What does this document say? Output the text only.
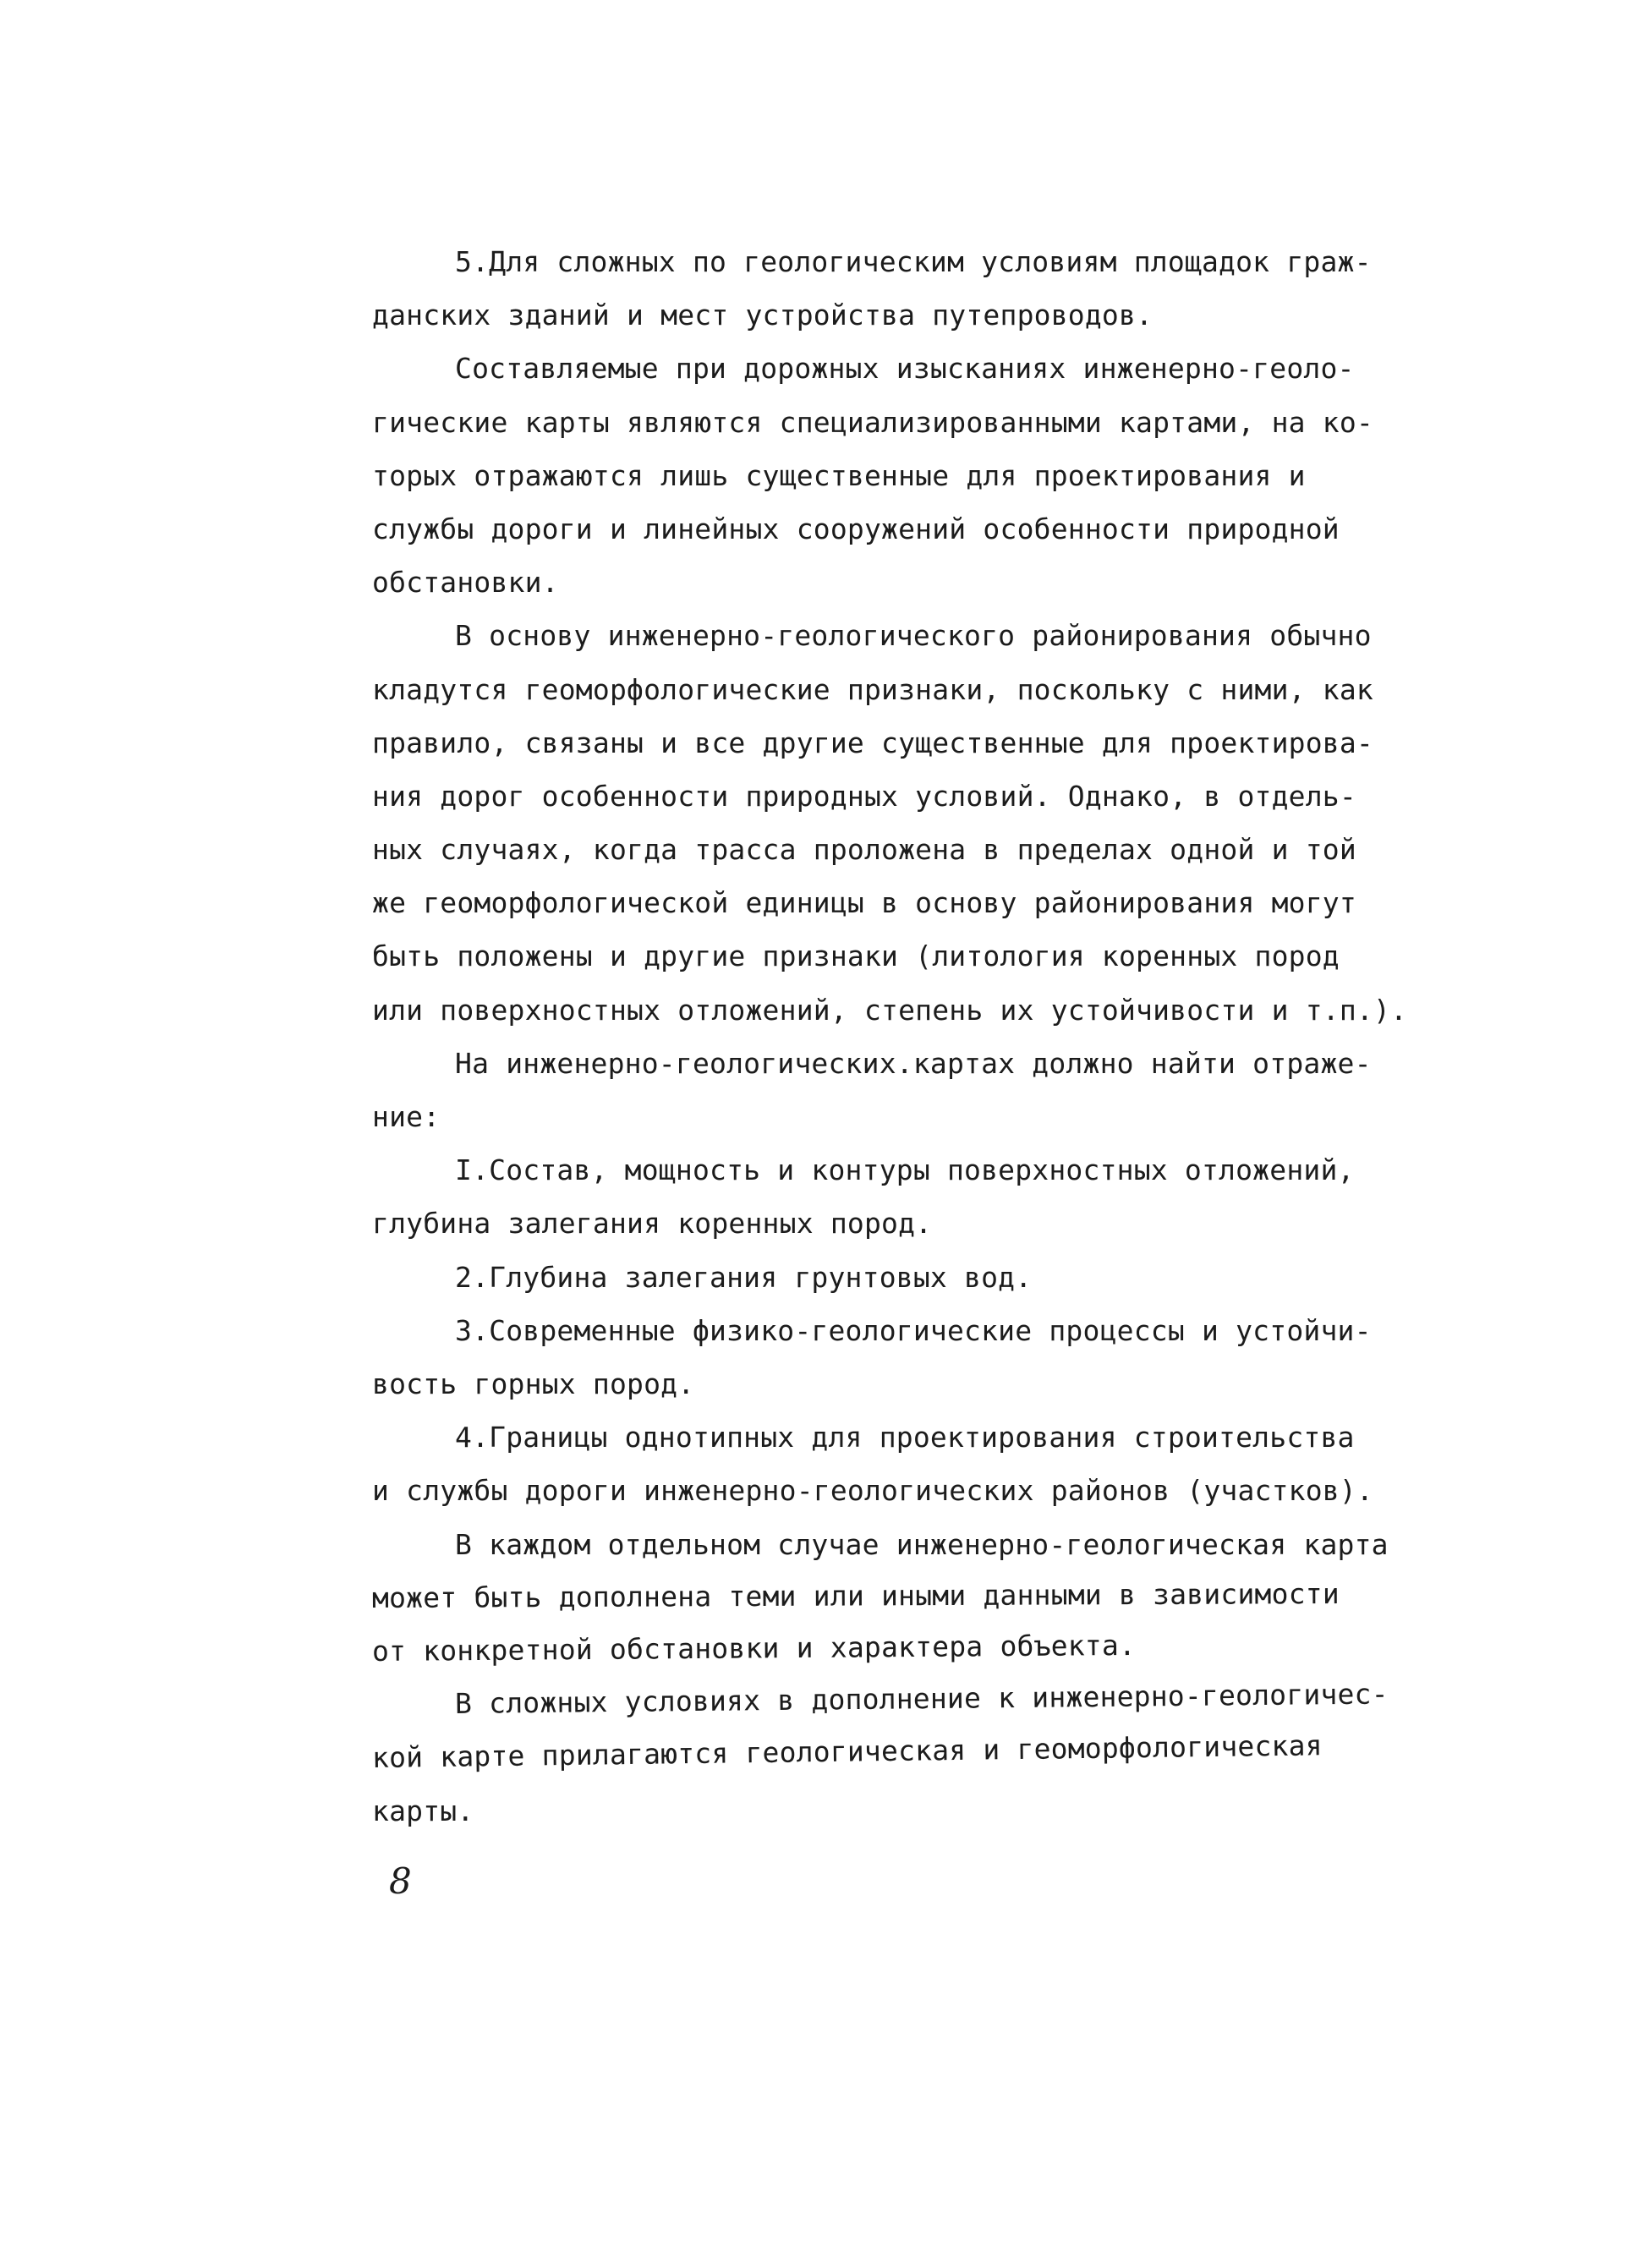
5.Для сложных по геологическим условиям площадок граж-
данских зданий и мест устройства путепроводов.
Составляемые при дорожных изысканиях инженерно-геоло-
гические карты являются специализированными картами, на ко-
торых отражаются лишь существенные для проектирования и
службы дороги и линейных сооружений особенности природной
обстановки.
В основу инженерно-геологического районирования обычно
кладутся геоморфологические признаки, поскольку с ними, как
правило, связаны и все другие существенные для проектирова-
ния дорог особенности природных условий. Однако, в отдель-
ных случаях, когда трасса проложена в пределах одной и той
же геоморфологической единицы в основу районирования могут
быть положены и другие признаки (литология коренных пород
или поверхностных отложений, степень их устойчивости и т.п.).
На инженерно-геологических.картах должно найти отраже-
ние:
I.Состав, мощность и контуры поверхностных отложений,
глубина залегания коренных пород.
2.Глубина залегания грунтовых вод.
3.Современные физико-геологические процессы и устойчи-
вость горных пород.
4.Границы однотипных для проектирования строительства
и службы дороги инженерно-геологических районов (участков).
В каждом отдельном случае инженерно-геологическая карта
может быть дополнена теми или иными данными в зависимости
от конкретной обстановки и характера объекта.
В сложных условиях в дополнение к инженерно-геологичес-
кой карте прилагаются геологическая и геоморфологическая
карты.
8
